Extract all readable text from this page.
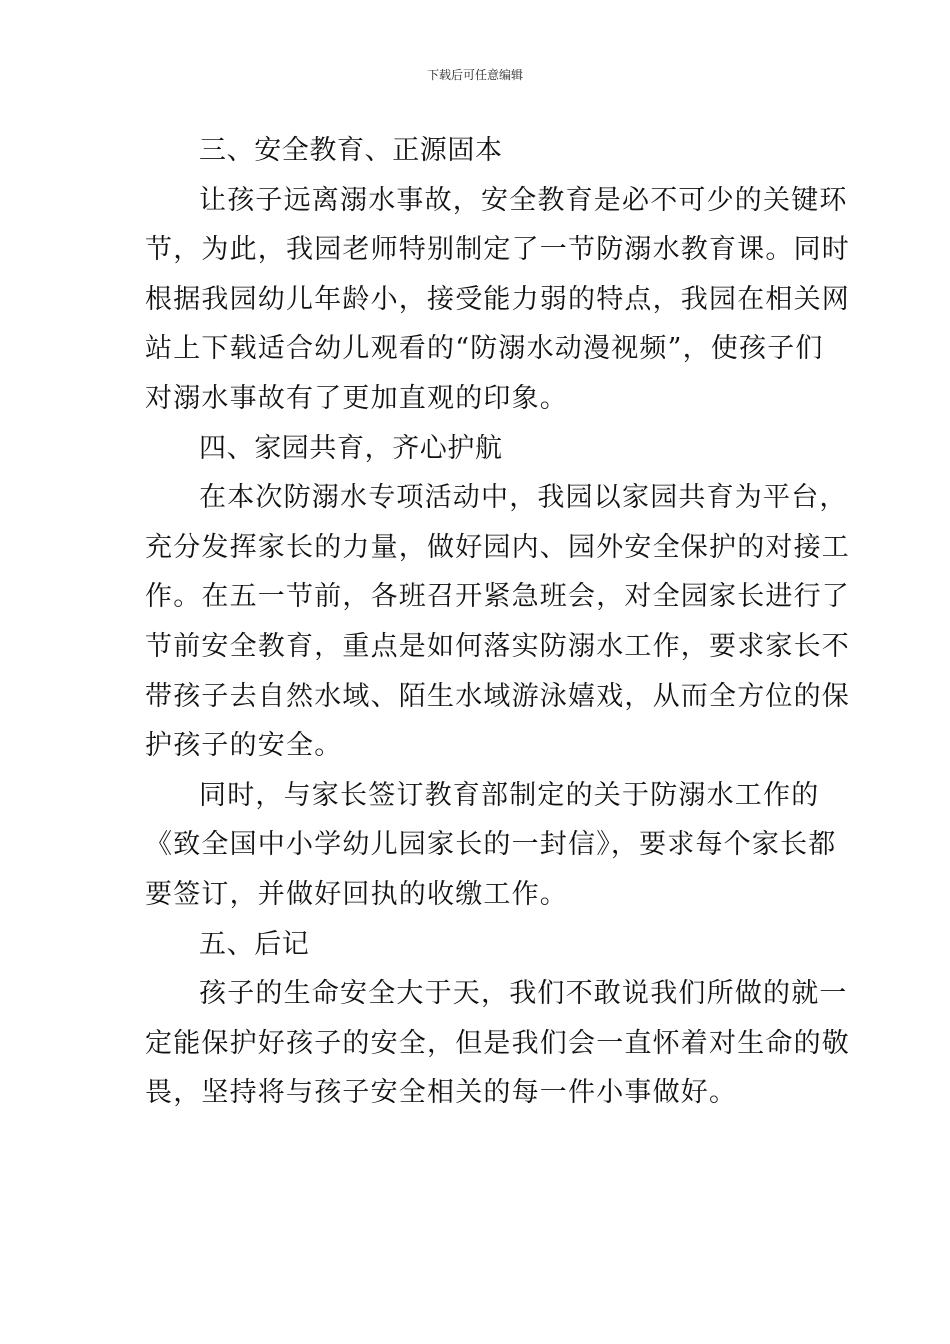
下载后可任意编辑
三、安全教育、正源固本
让孩子远离溺水事故，安全教育是必不可少的关键环
节，为此，我园老师特别制定了一节防溺水教育课。同时
根据我园幼儿年龄小，接受能力弱的特点，我园在相关网
站上下载适合幼儿观看的“防溺水动漫视频”，使孩子们
对溺水事故有了更加直观的印象。
四、家园共育，齐心护航
在本次防溺水专项活动中，我园以家园共育为平台，
充分发挥家长的力量，做好园内、园外安全保护的对接工
作。在五一节前，各班召开紧急班会，对全园家长进行了
节前安全教育，重点是如何落实防溺水工作，要求家长不
带孩子去自然水域、陌生水域游泳嬉戏，从而全方位的保
护孩子的安全。
同时，与家长签订教育部制定的关于防溺水工作的
《致全国中小学幼儿园家长的一封信》，要求每个家长都
要签订，并做好回执的收缴工作。
五、后记
孩子的生命安全大于天，我们不敢说我们所做的就一
定能保护好孩子的安全，但是我们会一直怀着对生命的敬
畏，坚持将与孩子安全相关的每一件小事做好。
